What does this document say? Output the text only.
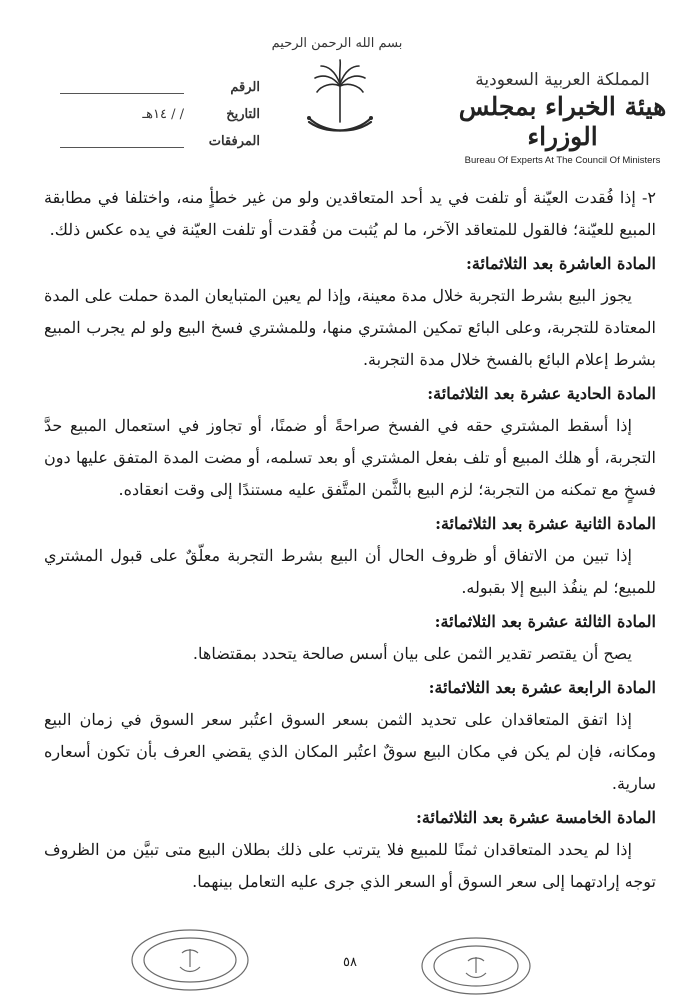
بسم الله الرحمن الرحيم
الرقم
التاريخ
/ / ١٤هـ
المرفقات
المملكة العربية السعودية
هيئة الخبراء بمجلس الوزراء
Bureau Of Experts At The Council Of Ministers

٢- إذا فُقدت العيّنة أو تلفت في يد أحد المتعاقدين ولو من غير خطأٍ منه، واختلفا في مطابقة المبيع للعيّنة؛ فالقول للمتعاقد الآخر، ما لم يُثبت من فُقدت أو تلفت العيّنة في يده عكس ذلك.

المادة العاشرة بعد الثلاثمائة:

يجوز البيع بشرط التجربة خلال مدة معينة، وإذا لم يعين المتبايعان المدة حملت على المدة المعتادة للتجربة، وعلى البائع تمكين المشتري منها، وللمشتري فسخ البيع ولو لم يجرب المبيع بشرط إعلام البائع بالفسخ خلال مدة التجربة.

المادة الحادية عشرة بعد الثلاثمائة:

إذا أسقط المشتري حقه في الفسخ صراحةً أو ضمنًا، أو تجاوز في استعمال المبيع حدَّ التجربة، أو هلك المبيع أو تلف بفعل المشتري أو بعد تسلمه، أو مضت المدة المتفق عليها دون فسخٍ مع تمكنه من التجربة؛ لزم البيع بالثَّمن المتَّفق عليه مستندًا إلى وقت انعقاده.

المادة الثانية عشرة بعد الثلاثمائة:

إذا تبين من الاتفاق أو ظروف الحال أن البيع بشرط التجربة معلّقٌ على قبول المشتري للمبيع؛ لم ينفُذ البيع إلا بقبوله.

المادة الثالثة عشرة بعد الثلاثمائة:

يصح أن يقتصر تقدير الثمن على بيان أسس صالحة يتحدد بمقتضاها.

المادة الرابعة عشرة بعد الثلاثمائة:

إذا اتفق المتعاقدان على تحديد الثمن بسعر السوق اعتُبر سعر السوق في زمان البيع ومكانه، فإن لم يكن في مكان البيع سوقٌ اعتُبر المكان الذي يقضي العرف بأن تكون أسعاره سارية.

المادة الخامسة عشرة بعد الثلاثمائة:

إذا لم يحدد المتعاقدان ثمنًا للمبيع فلا يترتب على ذلك بطلان البيع متى تبيَّن من الظروف توجه إرادتهما إلى سعر السوق أو السعر الذي جرى عليه التعامل بينهما.

٥٨
